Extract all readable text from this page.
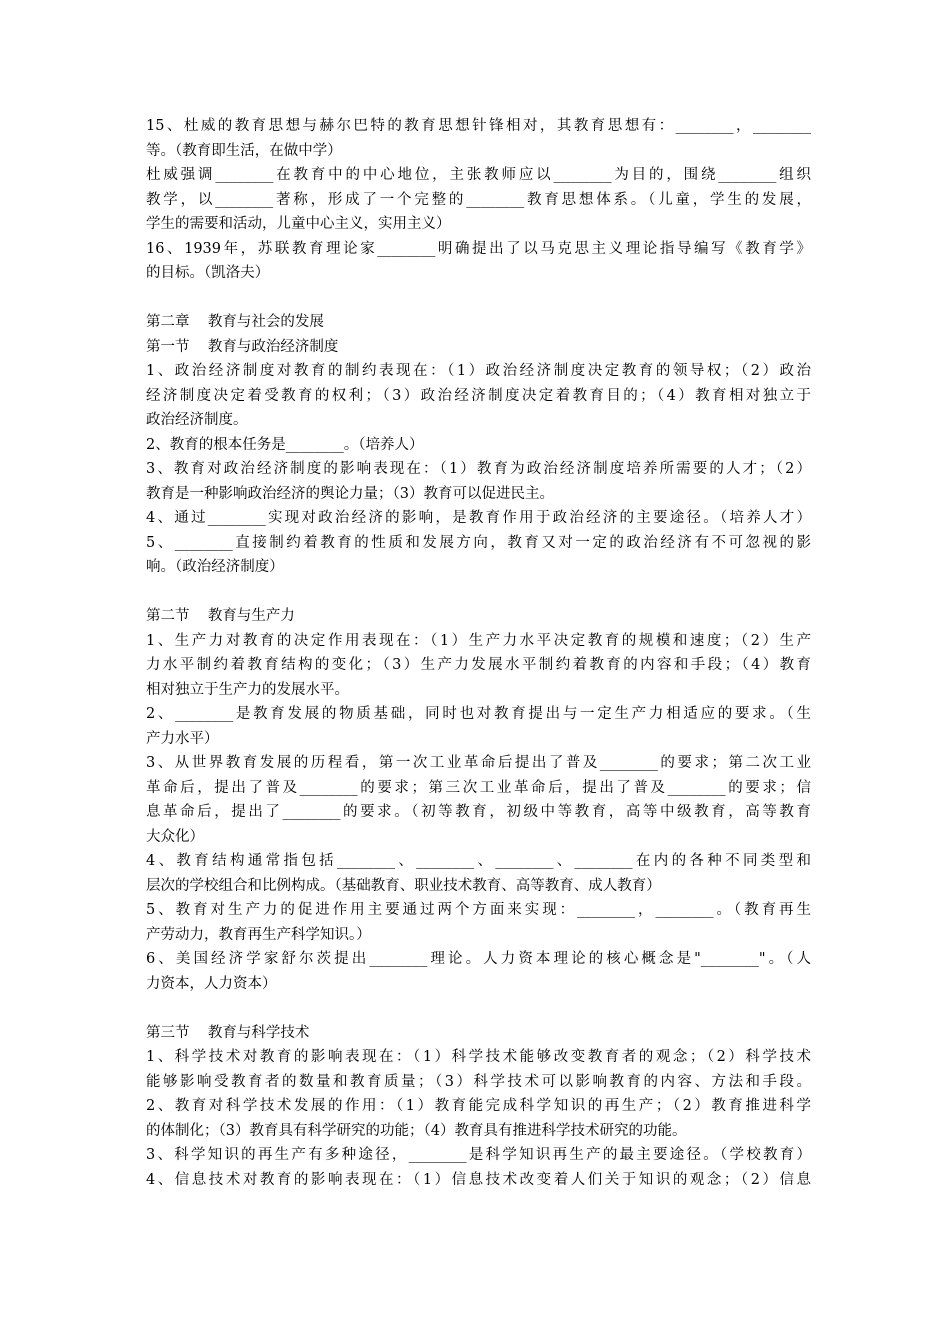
15、杜威的教育思想与赫尔巴特的教育思想针锋相对，其教育思想有：________，________
等。（教育即生活，在做中学）
杜威强调________在教育中的中心地位，主张教师应以________为目的，围绕________组织
教学，以________著称，形成了一个完整的________教育思想体系。（儿童，学生的发展，
学生的需要和活动，儿童中心主义，实用主义）
16、1939年，苏联教育理论家________明确提出了以马克思主义理论指导编写《教育学》
的目标。（凯洛夫）
第二章    教育与社会的发展
第一节    教育与政治经济制度
1、政治经济制度对教育的制约表现在：（1）政治经济制度决定教育的领导权；（2）政治
经济制度决定着受教育的权利；（3）政治经济制度决定着教育目的；（4）教育相对独立于
政治经济制度。
2、教育的根本任务是________。（培养人）
3、教育对政治经济制度的影响表现在：（1）教育为政治经济制度培养所需要的人才；（2）
教育是一种影响政治经济的舆论力量；（3）教育可以促进民主。
4、通过________实现对政治经济的影响，是教育作用于政治经济的主要途径。（培养人才）
5、________直接制约着教育的性质和发展方向，教育又对一定的政治经济有不可忽视的影
响。（政治经济制度）
第二节    教育与生产力
1、生产力对教育的决定作用表现在：（1）生产力水平决定教育的规模和速度；（2）生产
力水平制约着教育结构的变化；（3）生产力发展水平制约着教育的内容和手段；（4）教育
相对独立于生产力的发展水平。
2、________是教育发展的物质基础，同时也对教育提出与一定生产力相适应的要求。（生
产力水平）
3、从世界教育发展的历程看，第一次工业革命后提出了普及________的要求；第二次工业
革命后，提出了普及________的要求；第三次工业革命后，提出了普及________的要求；信
息革命后，提出了________的要求。（初等教育，初级中等教育，高等中级教育，高等教育
大众化）
4、教育结构通常指包括________、________、________、________在内的各种不同类型和
层次的学校组合和比例构成。（基础教育、职业技术教育、高等教育、成人教育）
5、教育对生产力的促进作用主要通过两个方面来实现：________，________。（教育再生
产劳动力，教育再生产科学知识。）
6、美国经济学家舒尔茨提出________理论。人力资本理论的核心概念是"________"。（人
力资本，人力资本）
第三节    教育与科学技术
1、科学技术对教育的影响表现在：（1）科学技术能够改变教育者的观念；（2）科学技术
能够影响受教育者的数量和教育质量；（3）科学技术可以影响教育的内容、方法和手段。
2、教育对科学技术发展的作用：（1）教育能完成科学知识的再生产；（2）教育推进科学
的体制化；（3）教育具有科学研究的功能；（4）教育具有推进科学技术研究的功能。
3、科学知识的再生产有多种途径，________是科学知识再生产的最主要途径。（学校教育）
4、信息技术对教育的影响表现在：（1）信息技术改变着人们关于知识的观念；（2）信息
